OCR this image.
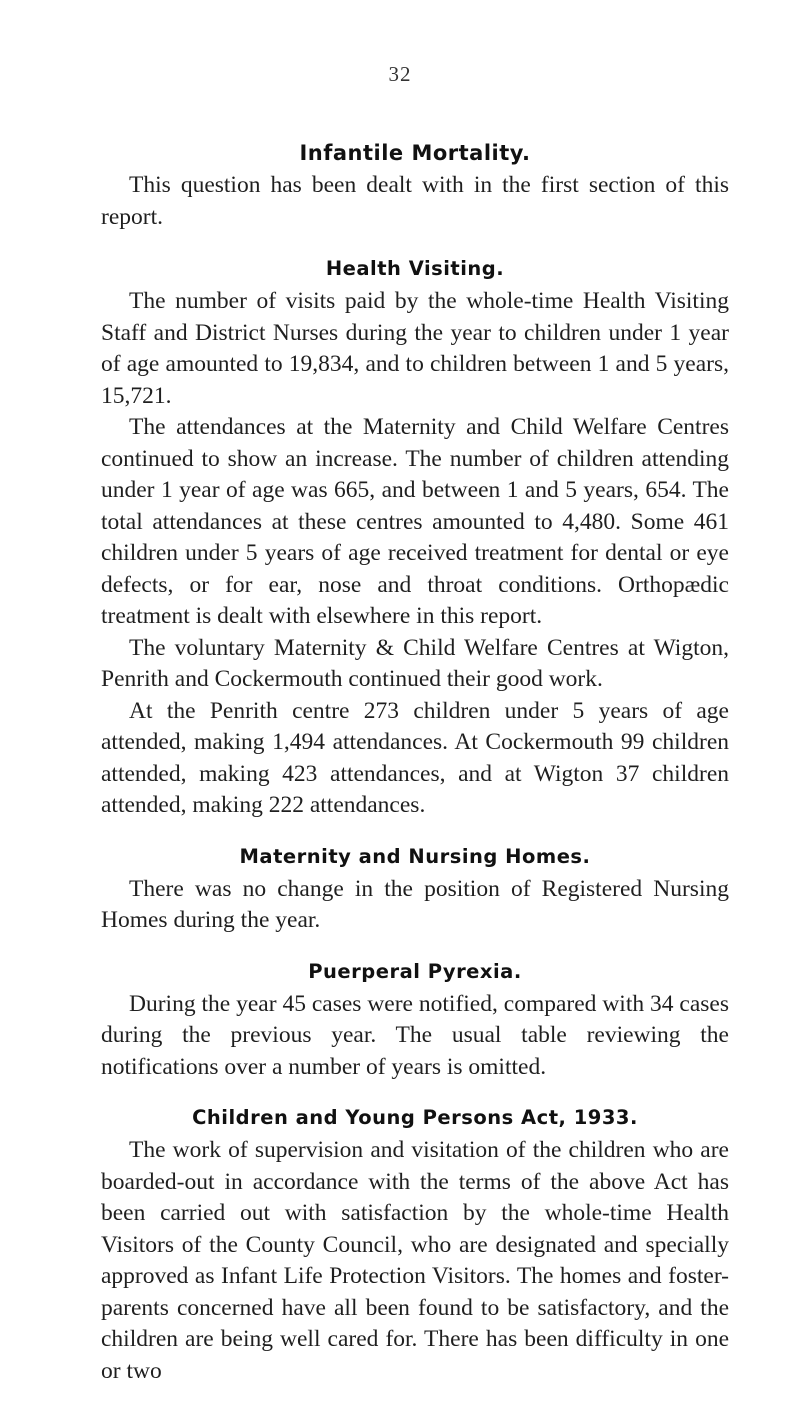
32
Infantile Mortality.

This question has been dealt with in the first section of this report.

Health Visiting.

The number of visits paid by the whole-time Health Visiting Staff and District Nurses during the year to children under 1 year of age amounted to 19,834, and to children between 1 and 5 years, 15,721.

The attendances at the Maternity and Child Welfare Centres continued to show an increase. The number of children attending under 1 year of age was 665, and between 1 and 5 years, 654. The total attendances at these centres amounted to 4,480. Some 461 children under 5 years of age received treatment for dental or eye defects, or for ear, nose and throat conditions. Orthopædic treatment is dealt with elsewhere in this report.

The voluntary Maternity & Child Welfare Centres at Wigton, Penrith and Cockermouth continued their good work.

At the Penrith centre 273 children under 5 years of age attended, making 1,494 attendances. At Cockermouth 99 children attended, making 423 attendances, and at Wigton 37 children attended, making 222 attendances.

Maternity and Nursing Homes.

There was no change in the position of Registered Nursing Homes during the year.

Puerperal Pyrexia.

During the year 45 cases were notified, compared with 34 cases during the previous year. The usual table reviewing the notifications over a number of years is omitted.

Children and Young Persons Act, 1933.

The work of supervision and visitation of the children who are boarded-out in accordance with the terms of the above Act has been carried out with satisfaction by the whole-time Health Visitors of the County Council, who are designated and specially approved as Infant Life Protection Visitors. The homes and foster-parents concerned have all been found to be satisfactory, and the children are being well cared for. There has been difficulty in one or two
